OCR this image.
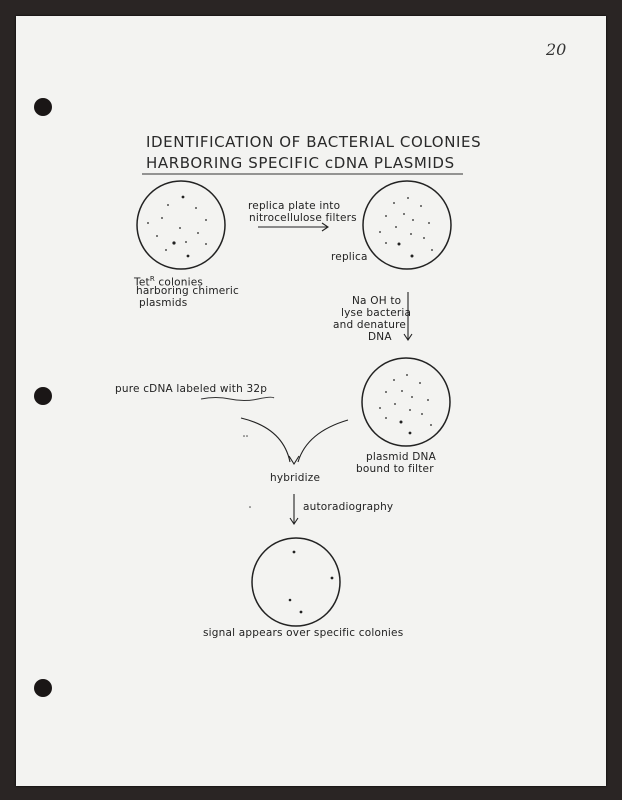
20
IDENTIFICATION OF BACTERIAL COLONIES
HARBORING SPECIFIC cDNA PLASMIDS
replica plate into
nitrocellulose filters
Tet$^R$ colonies
harboring chimeric
plasmids
replica
Na OH to
lyse bacteria
and denature
DNA
pure cDNA labeled with 32p
plasmid DNA
bound to filter
hybridize
autoradiography
signal appears over specific colonies
